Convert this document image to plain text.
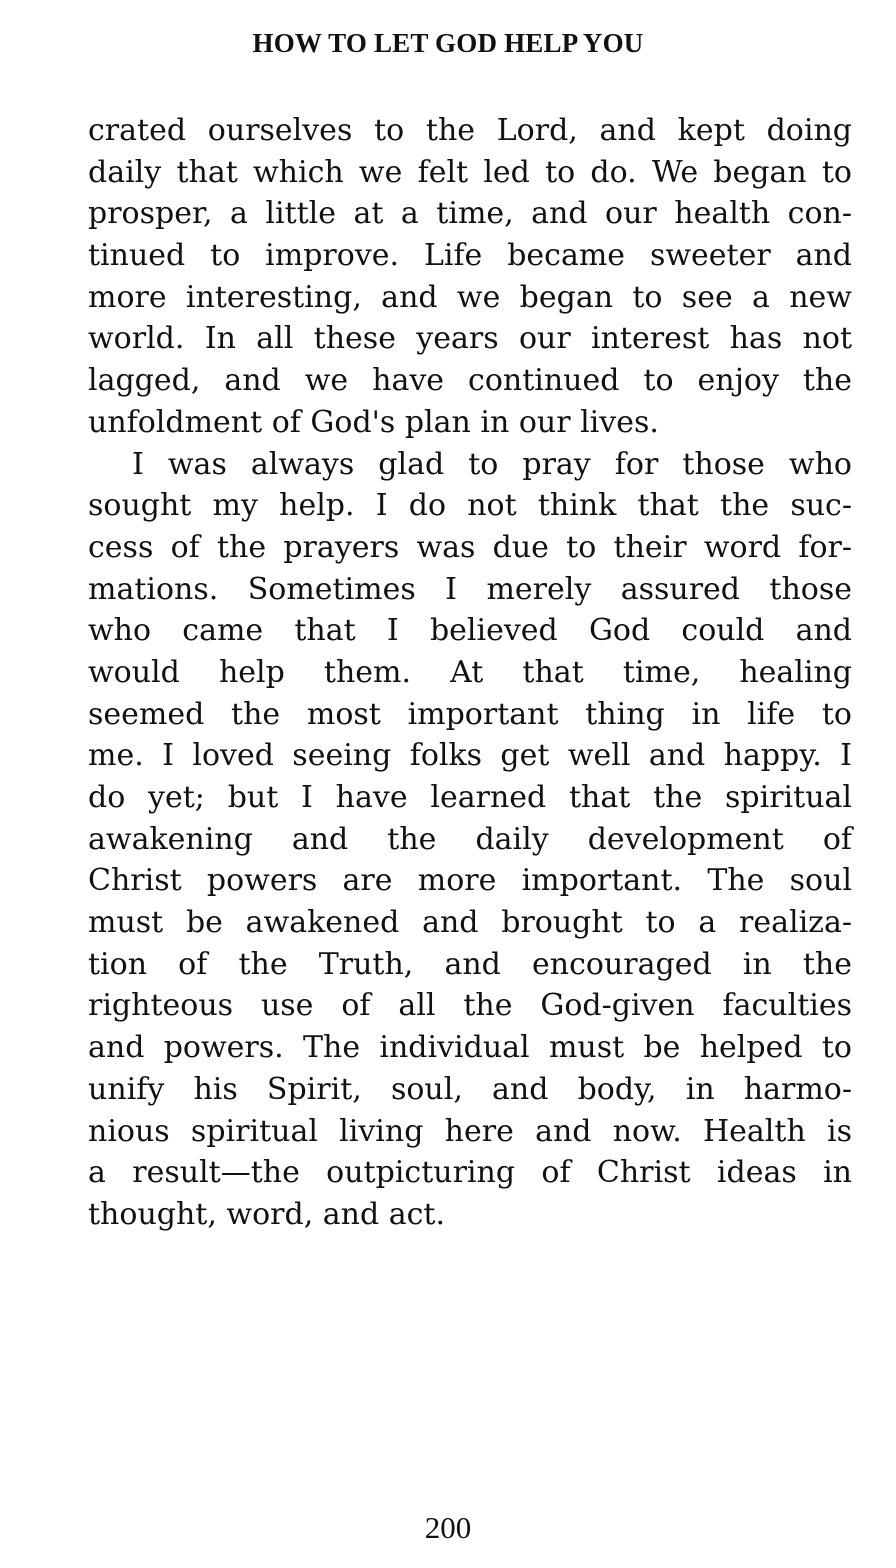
HOW TO LET GOD HELP YOU

crated ourselves to the Lord, and kept doing
daily that which we felt led to do. We began to
prosper, a little at a time, and our health con-
tinued to improve. Life became sweeter and
more interesting, and we began to see a new
world. In all these years our interest has not
lagged, and we have continued to enjoy the
unfoldment of God's plan in our lives.

I was always glad to pray for those who
sought my help. I do not think that the suc-
cess of the prayers was due to their word for-
mations. Sometimes I merely assured those
who came that I believed God could and
would help them. At that time, healing
seemed the most important thing in life to
me. I loved seeing folks get well and happy. I
do yet; but I have learned that the spiritual
awakening and the daily development of
Christ powers are more important. The soul
must be awakened and brought to a realiza-
tion of the Truth, and encouraged in the
righteous use of all the God-given faculties
and powers. The individual must be helped to
unify his Spirit, soul, and body, in harmo-
nious spiritual living here and now. Health is
a result—the outpicturing of Christ ideas in
thought, word, and act.

200
